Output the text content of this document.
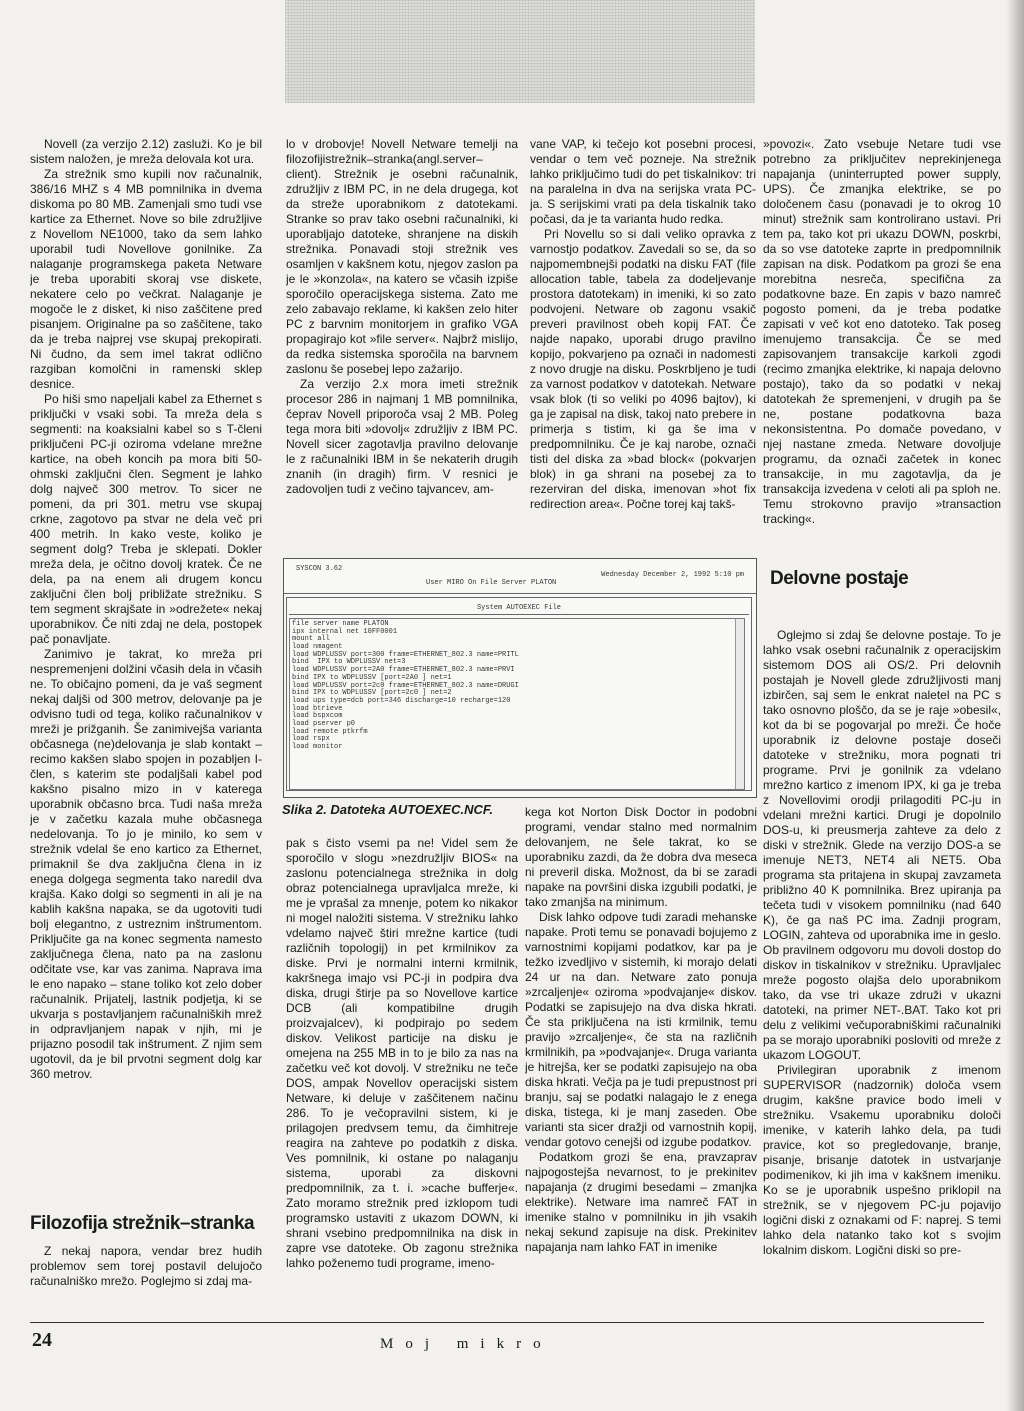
Novell (za verzijo 2.12) zasluži. Ko je bil sistem naložen, je mreža delovala kot ura.

Za strežnik smo kupili nov računalnik, 386/16 MHZ s 4 MB pomnilnika in dvema diskoma po 80 MB. Zamenjali smo tudi vse kartice za Ethernet. Nove so bile združljive z Novellom NE1000, tako da sem lahko uporabil tudi Novellove gonilnike. Za nalaganje programskega paketa Netware je treba uporabiti skoraj vse diskete, nekatere celo po večkrat. Nalaganje je mogoče le z disket, ki niso zaščitene pred pisanjem. Originalne pa so zaščitene, tako da je treba najprej vse skupaj prekopirati. Ni čudno, da sem imel takrat odlično razgiban komolčni in ramenski sklep desnice.

Po hiši smo napeljali kabel za Ethernet s priključki v vsaki sobi. Ta mreža dela s segmenti: na koaksialni kabel so s T-členi priključeni PC-ji oziroma vdelane mrežne kartice, na obeh koncih pa mora biti 50-ohmski zaključni člen. Segment je lahko dolg največ 300 metrov. To sicer ne pomeni, da pri 301. metru vse skupaj crkne, zagotovo pa stvar ne dela več pri 400 metrih. In kako veste, koliko je segment dolg? Treba je sklepati. Dokler mreža dela, je očitno dovolj kratek. Če ne dela, pa na enem ali drugem koncu zaključni člen bolj približate strežniku. S tem segment skrajšate in »odrežete« nekaj uporabnikov. Če niti zdaj ne dela, postopek pač ponavljate.

Zanimivo je takrat, ko mreža pri nespremenjeni dolžini včasih dela in včasih ne. To običajno pomeni, da je vaš segment nekaj daljši od 300 metrov, delovanje pa je odvisno tudi od tega, koliko računalnikov v mreži je prižganih. Še zanimivejša varianta občasnega (ne)delovanja je slab kontakt – recimo kakšen slabo spojen in pozabljen I-člen, s katerim ste podaljšali kabel pod kakšno pisalno mizo in v katerega uporabnik občasno brca. Tudi naša mreža je v začetku kazala muhe občasnega nedelovanja. To jo je minilo, ko sem v strežnik vdelal še eno kartico za Ethernet, primaknil še dva zaključna člena in iz enega dolgega segmenta tako naredil dva krajša. Kako dolgi so segmenti in ali je na kablih kakšna napaka, se da ugotoviti tudi bolj elegantno, z ustreznim inštrumentom. Priključite ga na konec segmenta namesto zaključnega člena, nato pa na zaslonu odčitate vse, kar vas zanima. Naprava ima le eno napako – stane toliko kot zelo dober računalnik. Prijatelj, lastnik podjetja, ki se ukvarja s postavljanjem računalniških mrež in odpravljanjem napak v njih, mi je prijazno posodil tak inštrument. Z njim sem ugotovil, da je bil prvotni segment dolg kar 360 metrov.

Filozofija strežnik–stranka

Z nekaj napora, vendar brez hudih problemov sem torej postavil delujočo računalniško mrežo. Poglejmo si zdaj ma-

lo v drobovje! Novell Netware temelji na filozofijistrežnik–stranka(angl.server–client). Strežnik je osebni računalnik, združljiv z IBM PC, in ne dela drugega, kot da streže uporabnikom z datotekami. Stranke so prav tako osebni računalniki, ki uporabljajo datoteke, shranjene na diskih strežnika. Ponavadi stoji strežnik ves osamljen v kakšnem kotu, njegov zaslon pa je le »konzola«, na katero se včasih izpiše sporočilo operacijskega sistema. Zato me zelo zabavajo reklame, ki kakšen zelo hiter PC z barvnim monitorjem in grafiko VGA propagirajo kot »file server«. Najbrž mislijo, da redka sistemska sporočila na barvnem zaslonu še posebej lepo zažarijo.

Za verzijo 2.x mora imeti strežnik procesor 286 in najmanj 1 MB pomnilnika, čeprav Novell priporoča vsaj 2 MB. Poleg tega mora biti »dovolj« združljiv z IBM PC. Novell sicer zagotavlja pravilno delovanje le z računalniki IBM in še nekaterih drugih znanih (in dragih) firm. V resnici je zadovoljen tudi z večino tajvancev, am-

vane VAP, ki tečejo kot posebni procesi, vendar o tem več pozneje. Na strežnik lahko priključimo tudi do pet tiskalnikov: tri na paralelna in dva na serijska vrata PC-ja. S serijskimi vrati pa dela tiskalnik tako počasi, da je ta varianta hudo redka.

Pri Novellu so si dali veliko opravka z varnostjo podatkov. Zavedali so se, da so najpomembnejši podatki na disku FAT (file allocation table, tabela za dodeljevanje prostora datotekam) in imeniki, ki so zato podvojeni. Netware ob zagonu vsakič preveri pravilnost obeh kopij FAT. Če najde napako, uporabi drugo pravilno kopijo, pokvarjeno pa označi in nadomesti z novo drugje na disku. Poskrbljeno je tudi za varnost podatkov v datotekah. Netware vsak blok (ti so veliki po 4096 bajtov), ki ga je zapisal na disk, takoj nato prebere in primerja s tistim, ki ga še ima v predpomnilniku. Če je kaj narobe, označi tisti del diska za »bad block« (pokvarjen blok) in ga shrani na posebej za to rezerviran del diska, imenovan »hot fix redirection area«. Počne torej kaj takš-

»povozi«. Zato vsebuje Netare tudi vse potrebno za priključitev neprekinjenega napajanja (uninterrupted power supply, UPS). Če zmanjka elektrike, se po določenem času (ponavadi je to okrog 10 minut) strežnik sam kontrolirano ustavi. Pri tem pa, tako kot pri ukazu DOWN, poskrbi, da so vse datoteke zaprte in predpomnilnik zapisan na disk. Podatkom pa grozi še ena morebitna nesreča, specifična za podatkovne baze. En zapis v bazo namreč pogosto pomeni, da je treba podatke zapisati v več kot eno datoteko. Tak poseg imenujemo transakcija. Če se med zapisovanjem transakcije karkoli zgodi (recimo zmanjka elektrike, ki napaja delovno postajo), tako da so podatki v nekaj datotekah že spremenjeni, v drugih pa še ne, postane podatkovna baza nekonsistentna. Po domače povedano, v njej nastane zmeda. Netware dovoljuje programu, da označi začetek in konec transakcije, in mu zagotavlja, da je transakcija izvedena v celoti ali pa sploh ne. Temu strokovno pravijo »transaction tracking«.

Delovne postaje
SYSCON 3.62
Wednesday December 2, 1992 5:10 pm
User MIRO On File Server PLATON
System AUTOEXEC File
file server name PLATON
ipx internal net 10FF0001
mount all
load nmagent
load WDPLUSSV port=300 frame=ETHERNET_802.3 name=PRITL
bind  IPX to WDPLUSSV net=3
load WDPLUSSV port=2A0 frame=ETHERNET_802.3 name=PRVI
bind IPX to WDPLUSSV [port=2A0 ] net=1
load WDPLUSSV port=2c0 frame=ETHERNET_802.3 name=DRUGI
bind IPX to WDPLUSSV [port=2c0 ] net=2
load ups type=dcb port=346 discharge=10 recharge=120
load btrieve
load bspxcom
load pserver p0
load remote ptkrfm
load rspx
load monitor
Slika 2. Datoteka AUTOEXEC.NCF.

pak s čisto vsemi pa ne! Videl sem že sporočilo v slogu »nezdružljiv BIOS« na zaslonu potencialnega strežnika in dolg obraz potencialnega upravljalca mreže, ki me je vprašal za mnenje, potem ko nikakor ni mogel naložiti sistema. V strežniku lahko vdelamo največ štiri mrežne kartice (tudi različnih topologij) in pet krmilnikov za diske. Prvi je normalni interni krmilnik, kakršnega imajo vsi PC-ji in podpira dva diska, drugi štirje pa so Novellove kartice DCB (ali kompatibilne drugih proizvajalcev), ki podpirajo po sedem diskov. Velikost particije na disku je omejena na 255 MB in to je bilo za nas na začetku več kot dovolj. V strežniku ne teče DOS, ampak Novellov operacijski sistem Netware, ki deluje v zaščitenem načinu 286. To je večopravilni sistem, ki je prilagojen predvsem temu, da čimhitreje reagira na zahteve po podatkih z diska. Ves pomnilnik, ki ostane po nalaganju sistema, uporabi za diskovni predpomnilnik, za t. i. »cache bufferje«. Zato moramo strežnik pred izklopom tudi programsko ustaviti z ukazom DOWN, ki shrani vsebino predpomnilnika na disk in zapre vse datoteke. Ob zagonu strežnika lahko poženemo tudi programe, imeno-

kega kot Norton Disk Doctor in podobni programi, vendar stalno med normalnim delovanjem, ne šele takrat, ko se uporabniku zazdi, da že dobra dva meseca ni preveril diska. Možnost, da bi se zaradi napake na površini diska izgubili podatki, je tako zmanjša na minimum.

Disk lahko odpove tudi zaradi mehanske napake. Proti temu se ponavadi bojujemo z varnostnimi kopijami podatkov, kar pa je težko izvedljivo v sistemih, ki morajo delati 24 ur na dan. Netware zato ponuja »zrcaljenje« oziroma »podvajanje« diskov. Podatki se zapisujejo na dva diska hkrati. Če sta priključena na isti krmilnik, temu pravijo »zrcaljenje«, če sta na različnih krmilnikih, pa »podvajanje«. Druga varianta je hitrejša, ker se podatki zapisujejo na oba diska hkrati. Večja pa je tudi prepustnost pri branju, saj se podatki nalagajo le z enega diska, tistega, ki je manj zaseden. Obe varianti sta sicer dražji od varnostnih kopij, vendar gotovo cenejši od izgube podatkov.

Podatkom grozi še ena, pravzaprav najpogostejša nevarnost, to je prekinitev napajanja (z drugimi besedami – zmanjka elektrike). Netware ima namreč FAT in imenike stalno v pomnilniku in jih vsakih nekaj sekund zapisuje na disk. Prekinitev napajanja nam lahko FAT in imenike

Oglejmo si zdaj še delovne postaje. To je lahko vsak osebni računalnik z operacijskim sistemom DOS ali OS/2. Pri delovnih postajah je Novell glede združljivosti manj izbirčen, saj sem le enkrat naletel na PC s tako osnovno ploščo, da se je raje »obesil«, kot da bi se pogovarjal po mreži. Če hoče uporabnik iz delovne postaje doseči datoteke v strežniku, mora pognati tri programe. Prvi je gonilnik za vdelano mrežno kartico z imenom IPX, ki ga je treba z Novellovimi orodji prilagoditi PC-ju in vdelani mrežni kartici. Drugi je dopolnilo DOS-u, ki preusmerja zahteve za delo z diski v strežnik. Glede na verzijo DOS-a se imenuje NET3, NET4 ali NET5. Oba programa sta pritajena in skupaj zavzameta približno 40 K pomnilnika. Brez upiranja pa tečeta tudi v visokem pomnilniku (nad 640 K), če ga naš PC ima. Zadnji program, LOGIN, zahteva od uporabnika ime in geslo. Ob pravilnem odgovoru mu dovoli dostop do diskov in tiskalnikov v strežniku. Upravljalec mreže pogosto olajša delo uporabnikom tako, da vse tri ukaze združi v ukazni datoteki, na primer NET-.BAT. Tako kot pri delu z velikimi večuporabniškimi računalniki pa se morajo uporabniki posloviti od mreže z ukazom LOGOUT.

Privilegiran uporabnik z imenom SUPERVISOR (nadzornik) določa vsem drugim, kakšne pravice bodo imeli v strežniku. Vsakemu uporabniku določi imenike, v katerih lahko dela, pa tudi pravice, kot so pregledovanje, branje, pisanje, brisanje datotek in ustvarjanje podimenikov, ki jih ima v kakšnem imeniku. Ko se je uporabnik uspešno priklopil na strežnik, se v njegovem PC-ju pojavijo logični diski z oznakami od F: naprej. S temi lahko dela natanko tako kot s svojim lokalnim diskom. Logični diski so pre-

24	Moj mikro
